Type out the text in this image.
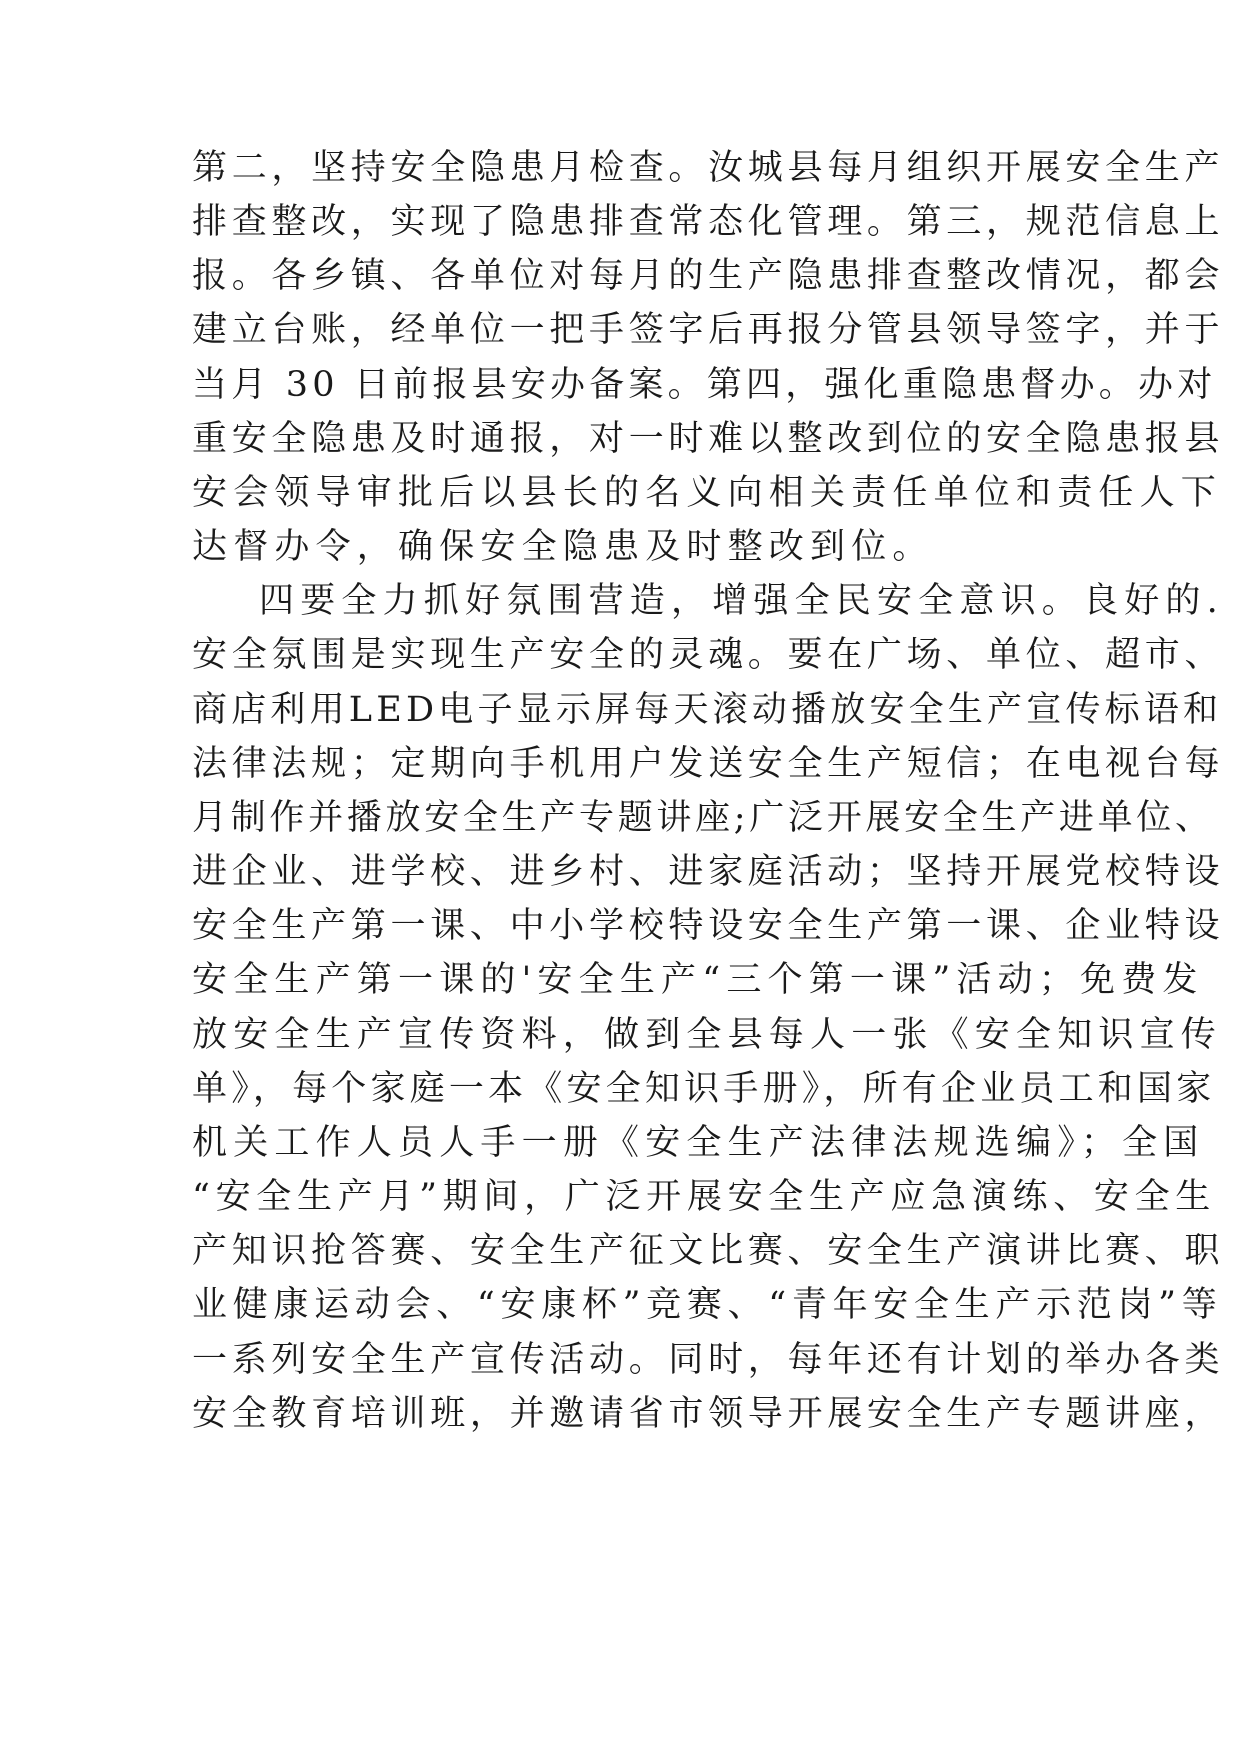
第二，坚持安全隐患月检查。汝城县每月组织开展安全生产
排查整改，实现了隐患排查常态化管理。第三，规范信息上
报。各乡镇、各单位对每月的生产隐患排查整改情况，都会
建立台账，经单位一把手签字后再报分管县领导签字，并于
当月 30 日前报县安办备案。第四，强化重隐患督办。办对
重安全隐患及时通报，对一时难以整改到位的安全隐患报县
安会领导审批后以县长的名义向相关责任单位和责任人下
达督办令，确保安全隐患及时整改到位。
四要全力抓好氛围营造，增强全民安全意识。良好的.
安全氛围是实现生产安全的灵魂。要在广场、单位、超市、
商店利用LED电子显示屏每天滚动播放安全生产宣传标语和
法律法规；定期向手机用户发送安全生产短信；在电视台每
月制作并播放安全生产专题讲座;广泛开展安全生产进单位、
进企业、进学校、进乡村、进家庭活动；坚持开展党校特设
安全生产第一课、中小学校特设安全生产第一课、企业特设
安全生产第一课的'安全生产“三个第一课”活动；免费发
放安全生产宣传资料，做到全县每人一张《安全知识宣传
单》，每个家庭一本《安全知识手册》，所有企业员工和国家
机关工作人员人手一册《安全生产法律法规选编》；全国
“安全生产月”期间，广泛开展安全生产应急演练、安全生
产知识抢答赛、安全生产征文比赛、安全生产演讲比赛、职
业健康运动会、“安康杯”竞赛、“青年安全生产示范岗”等
一系列安全生产宣传活动。同时，每年还有计划的举办各类
安全教育培训班，并邀请省市领导开展安全生产专题讲座，
